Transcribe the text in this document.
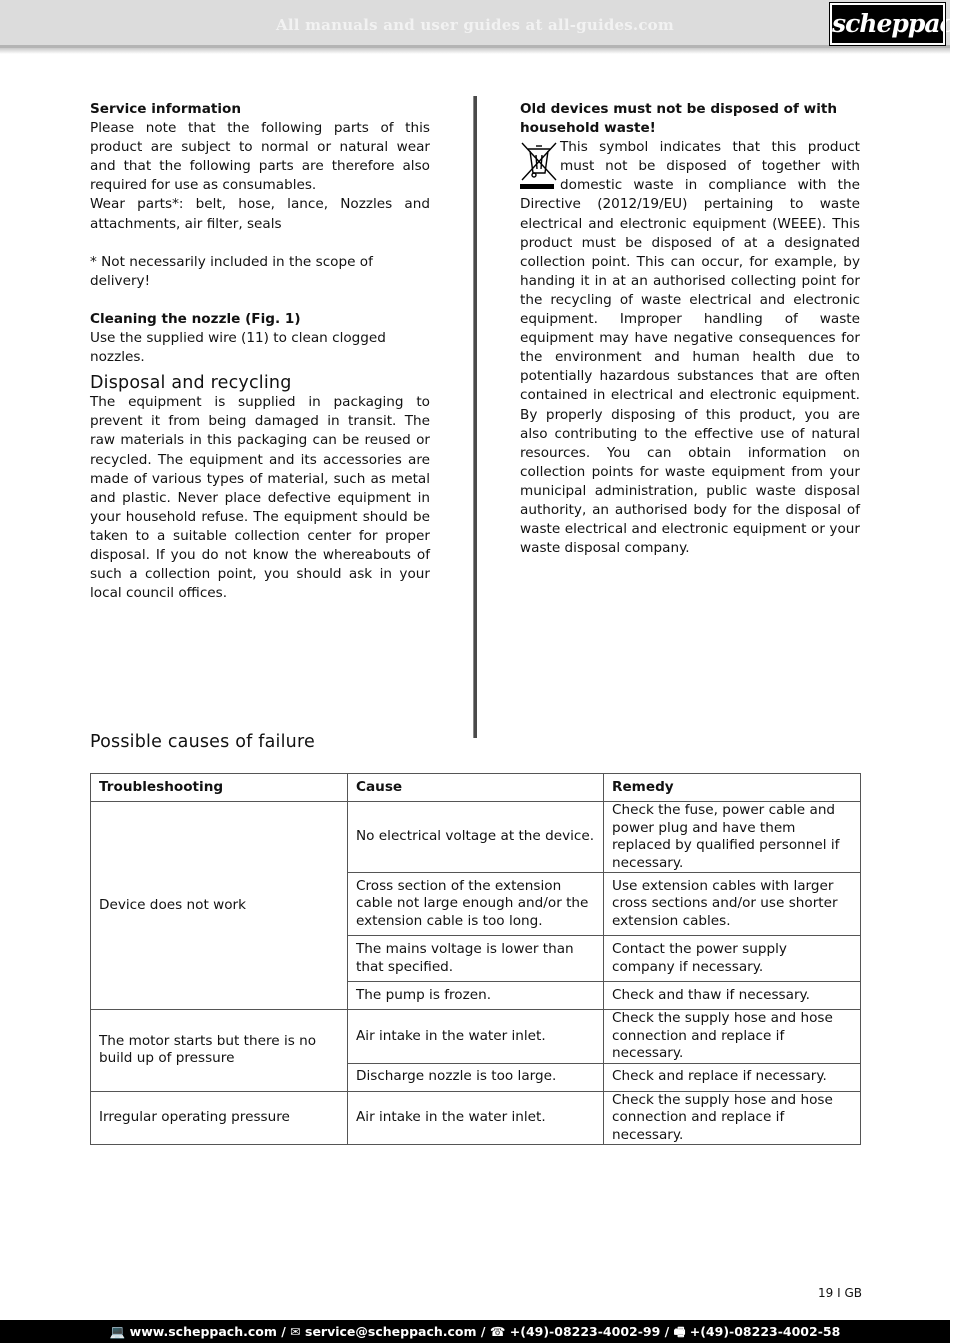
All manuals and user guides at all-guides.com	scheppach
Service information
Please note that the following parts of this product are subject to normal or natural wear and that the following parts are therefore also required for use as consumables.
Wear parts*: belt, hose, lance, Nozzles and attachments, air filter, seals
* Not necessarily included in the scope of delivery!
Cleaning the nozzle (Fig. 1)
Use the supplied wire (11) to clean clogged nozzles.
Disposal and recycling
The equipment is supplied in packaging to prevent it from being damaged in transit. The raw materials in this packaging can be reused or recycled. The equipment and its accessories are made of various types of material, such as metal and plastic. Never place defective equipment in your household refuse. The equipment should be taken to a suitable collection center for proper disposal. If you do not know the whereabouts of such a collection point, you should ask in your local council offices.
Old devices must not be disposed of with household waste!
This symbol indicates that this product must not be disposed of together with domestic waste in compliance with the Directive (2012/19/EU) pertaining to waste electrical and electronic equipment (WEEE). This product must be disposed of at a designated collection point. This can occur, for example, by handing it in at an authorised collecting point for the recycling of waste electrical and electronic equipment. Improper handling of waste equipment may have negative consequences for the environment and human health due to potentially hazardous substances that are often contained in electrical and electronic equipment. By properly disposing of this product, you are also contributing to the effective use of natural resources. You can obtain information on collection points for waste equipment from your municipal administration, public waste disposal authority, an authorised body for the disposal of waste electrical and electronic equipment or your waste disposal company.
Possible causes of failure
Troubleshooting	Cause	Remedy
Device does not work	No electrical voltage at the device.	Check the fuse, power cable and power plug and have them replaced by qualified personnel if necessary.
	Cross section of the extension cable not large enough and/or the extension cable is too long.	Use extension cables with larger cross sections and/or use shorter extension cables.
	The mains voltage is lower than that specified.	Contact the power supply company if necessary.
	The pump is frozen.	Check and thaw if necessary.
The motor starts but there is no build up of pressure	Air intake in the water inlet.	Check the supply hose and hose connection and replace if necessary.
	Discharge nozzle is too large.	Check and replace if necessary.
Irregular operating pressure	Air intake in the water inlet.	Check the supply hose and hose connection and replace if necessary.
19 I GB
💻 www.scheppach.com / ✉ service@scheppach.com / ☎ +(49)-08223-4002-99 / 🖷 +(49)-08223-4002-58
